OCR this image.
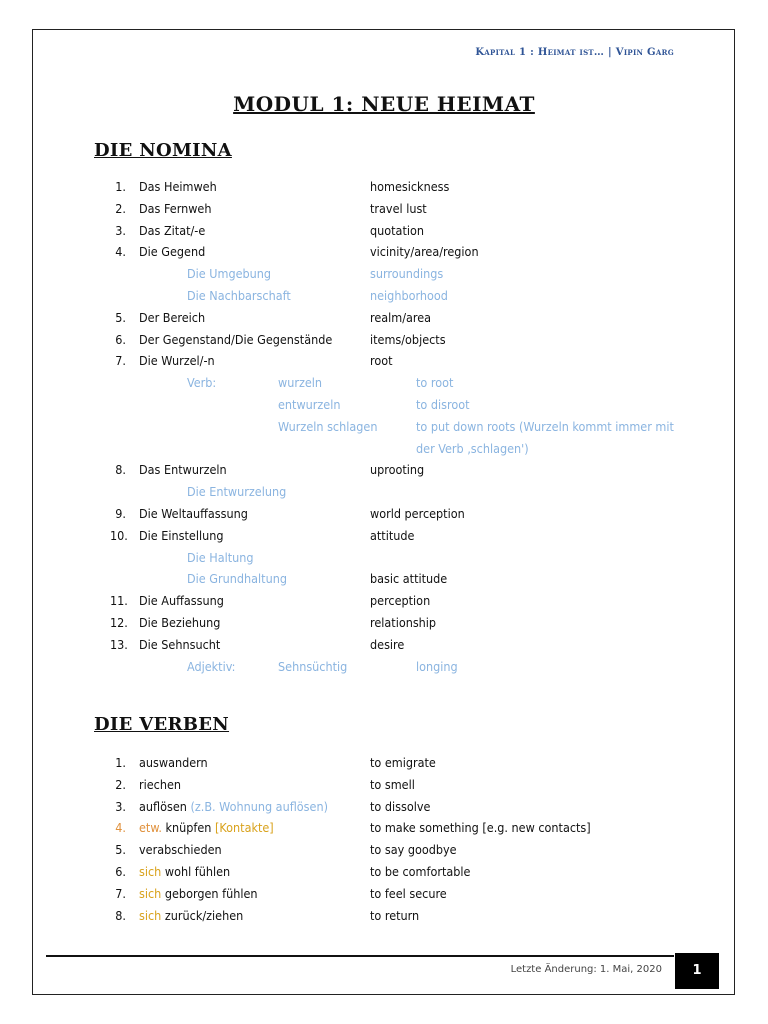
Kapital 1 : Heimat ist… | Vipin Garg
MODUL 1: NEUE HEIMAT
DIE NOMINA
1. Das Heimweh	homesickness
2. Das Fernweh	travel lust
3. Das Zitat/-e	quotation
4. Die Gegend	vicinity/area/region
Die Umgebung	surroundings
Die Nachbarschaft	neighborhood
5. Der Bereich	realm/area
6. Der Gegenstand/Die Gegenstände	items/objects
7. Die Wurzel/-n	root
Verb:	wurzeln	to root
entwurzeln	to disroot
Wurzeln schlagen	to put down roots (Wurzeln kommt immer mit
der Verb ‚schlagen')
8. Das Entwurzeln	uprooting
Die Entwurzelung
9. Die Weltauffassung	world perception
10. Die Einstellung	attitude
Die Haltung
Die Grundhaltung	basic attitude
11. Die Auffassung	perception
12. Die Beziehung	relationship
13. Die Sehnsucht	desire
Adjektiv:	Sehnsüchtig	longing
DIE VERBEN
1. auswandern	to emigrate
2. riechen	to smell
3. auflösen (z.B. Wohnung auflösen)	to dissolve
4. etw. knüpfen [Kontakte]	to make something [e.g. new contacts]
5. verabschieden	to say goodbye
6. sich wohl fühlen	to be comfortable
7. sich geborgen fühlen	to feel secure
8. sich zurück/ziehen	to return
Letzte Änderung: 1. Mai, 2020	1
